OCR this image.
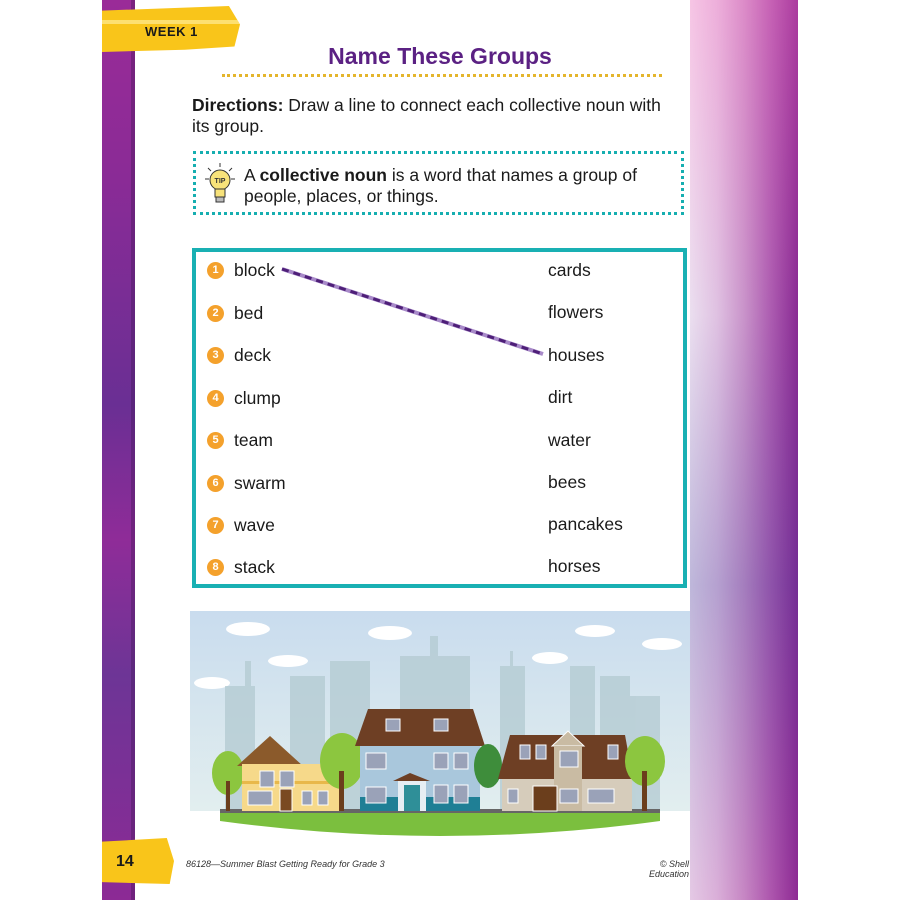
WEEK 1
Name These Groups
Directions: Draw a line to connect each collective noun with its group.
TIP A collective noun is a word that names a group of people, places, or things.
1 block
2 bed
3 deck
4 clump
5 team
6 swarm
7 wave
8 stack
cards
flowers
houses
dirt
water
bees
pancakes
horses
14	86128—Summer Blast Getting Ready for Grade 3	© Shell Education
